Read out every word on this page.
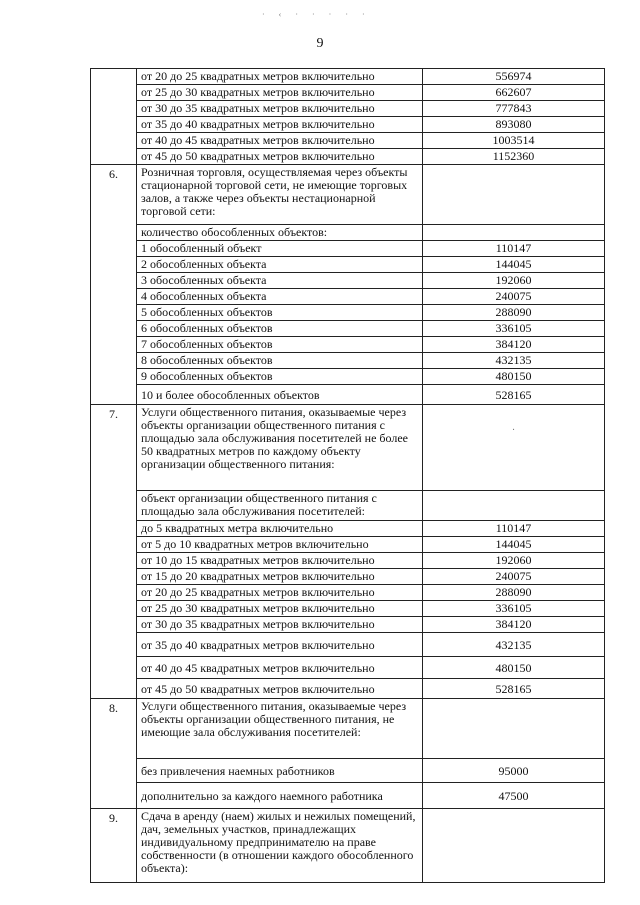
· ‹ · · · · ·
9
	от 20 до 25 квадратных метров включительно	556974
	от 25 до 30 квадратных метров включительно	662607
	от 30 до 35 квадратных метров включительно	777843
	от 35 до 40 квадратных метров включительно	893080
	от 40 до 45 квадратных метров включительно	1003514
	от 45 до 50 квадратных метров включительно	1152360
6.	Розничная торговля, осуществляемая через объекты стационарной торговой сети, не имеющие торговых залов, а также через объекты нестационарной торговой сети:	
	количество обособленных объектов:	
	1 обособленный объект	110147
	2 обособленных объекта	144045
	3 обособленных объекта	192060
	4 обособленных объекта	240075
	5 обособленных объектов	288090
	6 обособленных объектов	336105
	7 обособленных объектов	384120
	8 обособленных объектов	432135
	9 обособленных объектов	480150
	10 и более обособленных объектов	528165
7.	Услуги общественного питания, оказываемые через объекты организации общественного питания с площадью зала обслуживания посетителей не более 50 квадратных метров по каждому объекту организации общественного питания:	·

	объект организации общественного питания с площадью зала обслуживания посетителей:	
	до 5 квадратных метра включительно	110147
	от 5 до 10 квадратных метров включительно	144045
	от 10 до 15 квадратных метров включительно	192060
	от 15 до 20 квадратных метров включительно	240075
	от 20 до 25 квадратных метров включительно	288090
	от 25 до 30 квадратных метров включительно	336105
	от 30 до 35 квадратных метров включительно	384120
	от 35 до 40 квадратных метров включительно	432135
	от 40 до 45 квадратных метров включительно	480150
	от 45 до 50 квадратных метров включительно	528165
8.	Услуги общественного питания, оказываемые через объекты организации общественного питания, не имеющие зала обслуживания посетителей:	
	без привлечения наемных работников	95000
	дополнительно за каждого наемного работника	47500
9.	Сдача в аренду (наем) жилых и нежилых помещений, дач, земельных участков, принадлежащих индивидуальному предпринимателю на праве собственности (в отношении каждого обособленного объекта):	
